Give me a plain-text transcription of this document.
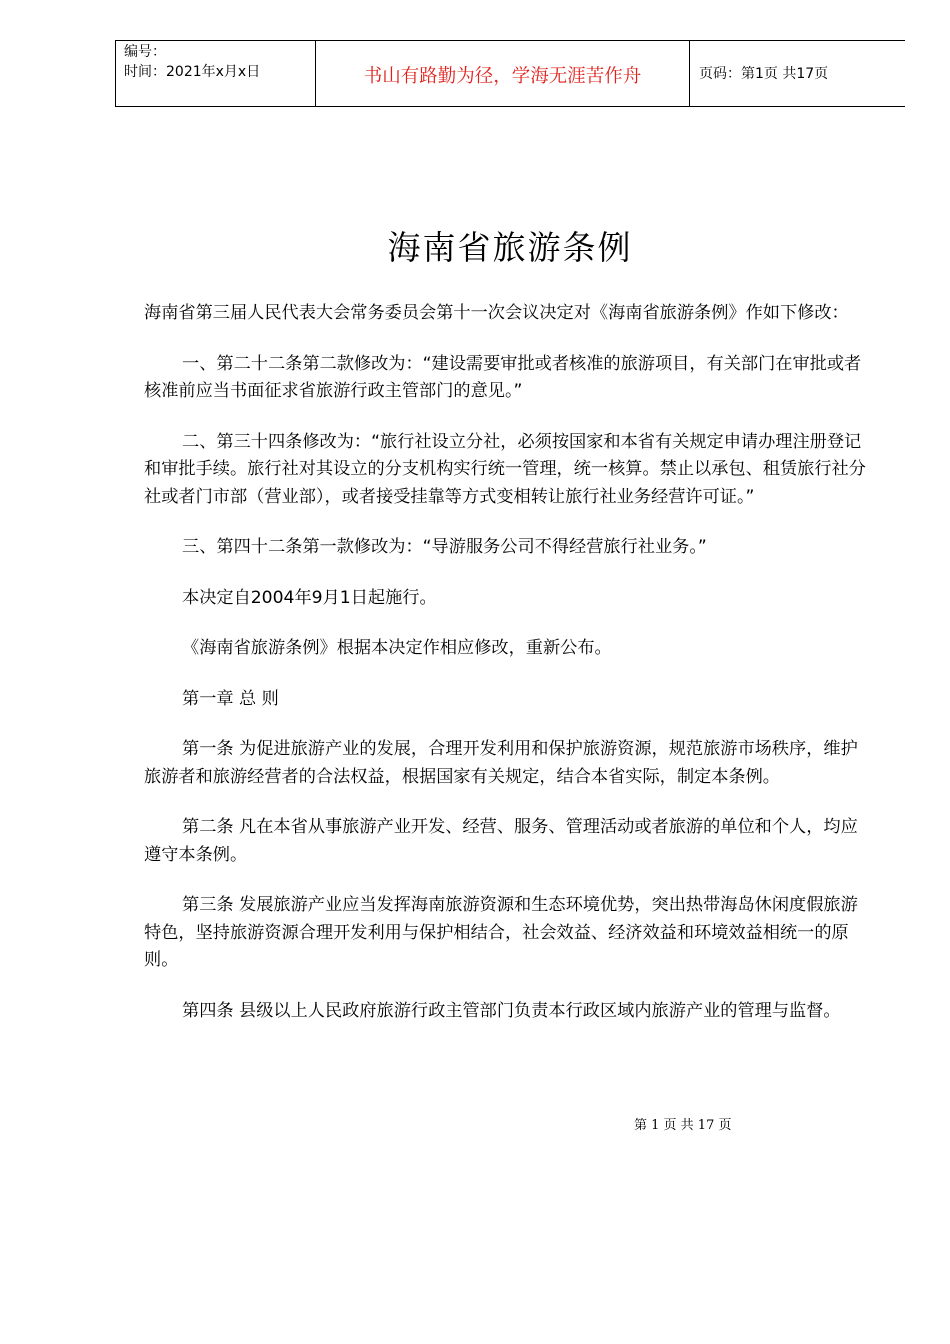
编号：
时间：2021年x月x日	书山有路勤为径，学海无涯苦作舟	页码：第1页 共17页
海南省旅游条例

海南省第三届人民代表大会常务委员会第十一次会议决定对《海南省旅游条例》作如下修改：

一、第二十二条第二款修改为：“建设需要审批或者核准的旅游项目，有关部门在审批或者核准前应当书面征求省旅游行政主管部门的意见。”

二、第三十四条修改为：“旅行社设立分社，必须按国家和本省有关规定申请办理注册登记和审批手续。旅行社对其设立的分支机构实行统一管理，统一核算。禁止以承包、租赁旅行社分社或者门市部（营业部），或者接受挂靠等方式变相转让旅行社业务经营许可证。”

三、第四十二条第一款修改为：“导游服务公司不得经营旅行社业务。”

本决定自2004年9月1日起施行。

《海南省旅游条例》根据本决定作相应修改，重新公布。

第一章 总 则

第一条 为促进旅游产业的发展，合理开发利用和保护旅游资源，规范旅游市场秩序，维护旅游者和旅游经营者的合法权益，根据国家有关规定，结合本省实际，制定本条例。

第二条 凡在本省从事旅游产业开发、经营、服务、管理活动或者旅游的单位和个人，均应遵守本条例。

第三条 发展旅游产业应当发挥海南旅游资源和生态环境优势，突出热带海岛休闲度假旅游特色，坚持旅游资源合理开发利用与保护相结合，社会效益、经济效益和环境效益相统一的原则。

第四条 县级以上人民政府旅游行政主管部门负责本行政区域内旅游产业的管理与监督。

第 1 页 共 17 页
